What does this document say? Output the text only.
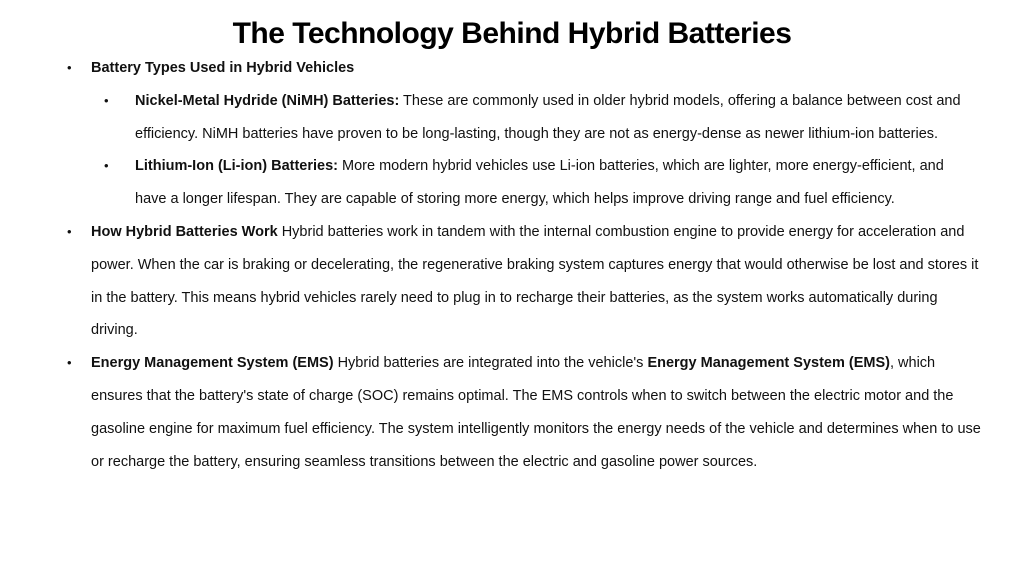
The Technology Behind Hybrid Batteries
• Battery Types Used in Hybrid Vehicles
• Nickel-Metal Hydride (NiMH) Batteries: These are commonly used in older hybrid models, offering a balance between cost and efficiency. NiMH batteries have proven to be long-lasting, though they are not as energy-dense as newer lithium-ion batteries.
• Lithium-Ion (Li-ion) Batteries: More modern hybrid vehicles use Li-ion batteries, which are lighter, more energy-efficient, and have a longer lifespan. They are capable of storing more energy, which helps improve driving range and fuel efficiency.
• How Hybrid Batteries Work Hybrid batteries work in tandem with the internal combustion engine to provide energy for acceleration and power. When the car is braking or decelerating, the regenerative braking system captures energy that would otherwise be lost and stores it in the battery. This means hybrid vehicles rarely need to plug in to recharge their batteries, as the system works automatically during driving.
• Energy Management System (EMS) Hybrid batteries are integrated into the vehicle's Energy Management System (EMS), which ensures that the battery's state of charge (SOC) remains optimal. The EMS controls when to switch between the electric motor and the gasoline engine for maximum fuel efficiency. The system intelligently monitors the energy needs of the vehicle and determines when to use or recharge the battery, ensuring seamless transitions between the electric and gasoline power sources.
